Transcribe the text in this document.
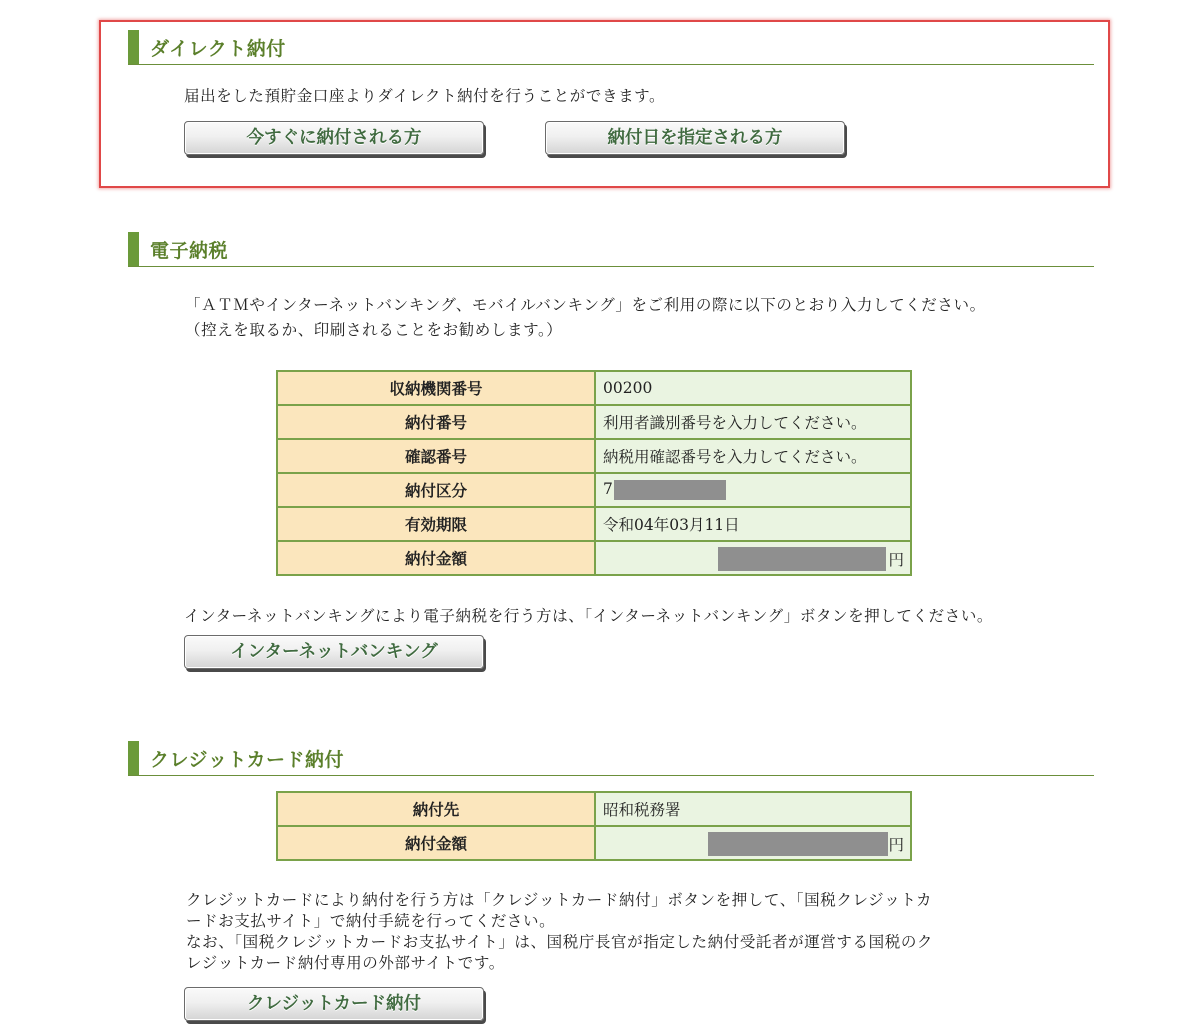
ダイレクト納付
届出をした預貯金口座よりダイレクト納付を行うことができます。
今すぐに納付される方	納付日を指定される方
電子納税
「ＡＴＭやインターネットバンキング、モバイルバンキング」をご利用の際に以下のとおり入力してください。
（控えを取るか、印刷されることをお勧めします。）
収納機関番号	00200
納付番号	利用者識別番号を入力してください。
確認番号	納税用確認番号を入力してください。
納付区分	7
有効期限	令和04年03月11日
納付金額	円
インターネットバンキングにより電子納税を行う方は、「インターネットバンキング」ボタンを押してください。
インターネットバンキング
クレジットカード納付
納付先	昭和税務署
納付金額	円
クレジットカードにより納付を行う方は「クレジットカード納付」ボタンを押して、「国税クレジットカ
ードお支払サイト」で納付手続を行ってください。
なお、「国税クレジットカードお支払サイト」は、国税庁長官が指定した納付受託者が運営する国税のク
レジットカード納付専用の外部サイトです。
クレジットカード納付
